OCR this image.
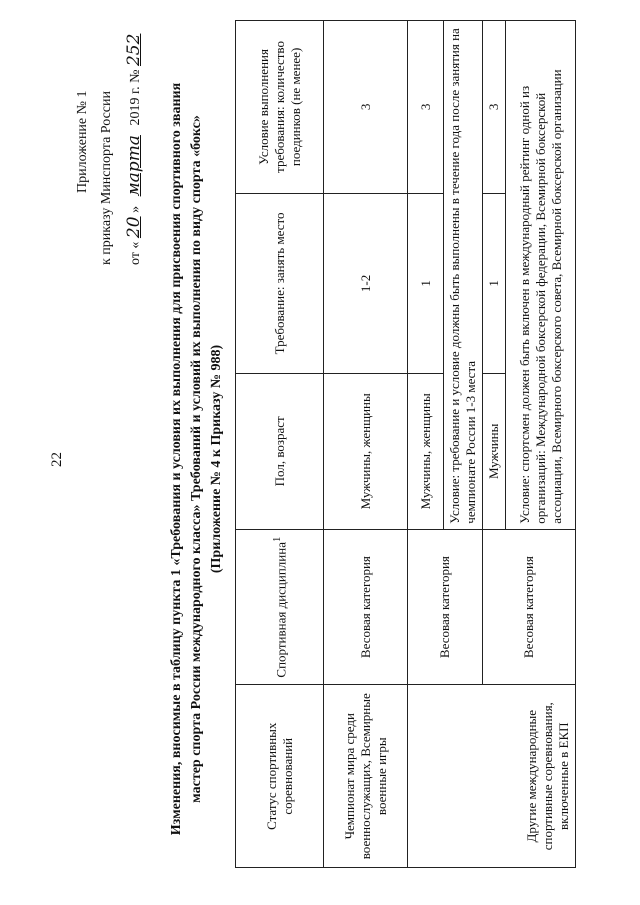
22
Приложение № 1 к приказу Минспорта России от « 20 » марта 2019 г. № 252
Изменения, вносимые в таблицу пункта 1 «Требования и условия их выполнения для присвоения спортивного звания мастер спорта России международного класса» Требований и условий их выполнения по виду спорта «бокс» (Приложение № 4 к Приказу № 988)
Статус спортивных соревнований	Спортивная дисциплина$^1$	Пол, возраст	Требование: занять место	Условие выполнения требования: количество поединков (не менее)
Чемпионат мира среди военнослужащих, Всемирные военные игры	Весовая категория	Мужчины, женщины	1-2	3
Другие международные спортивные соревнования, включенные в ЕКП	Весовая категория	Мужчины, женщины	1	3
		Условие: требование и условие должны быть выполнены в течение года после занятия на чемпионате России 1-3 места		
	Весовая категория	Мужчины	1	3
		Условие: спортсмен должен быть включен в международный рейтинг одной из организаций: Международной боксерской федерации, Всемирной боксерской ассоциации, Всемирного боксерского совета, Всемирной боксерской организации		
